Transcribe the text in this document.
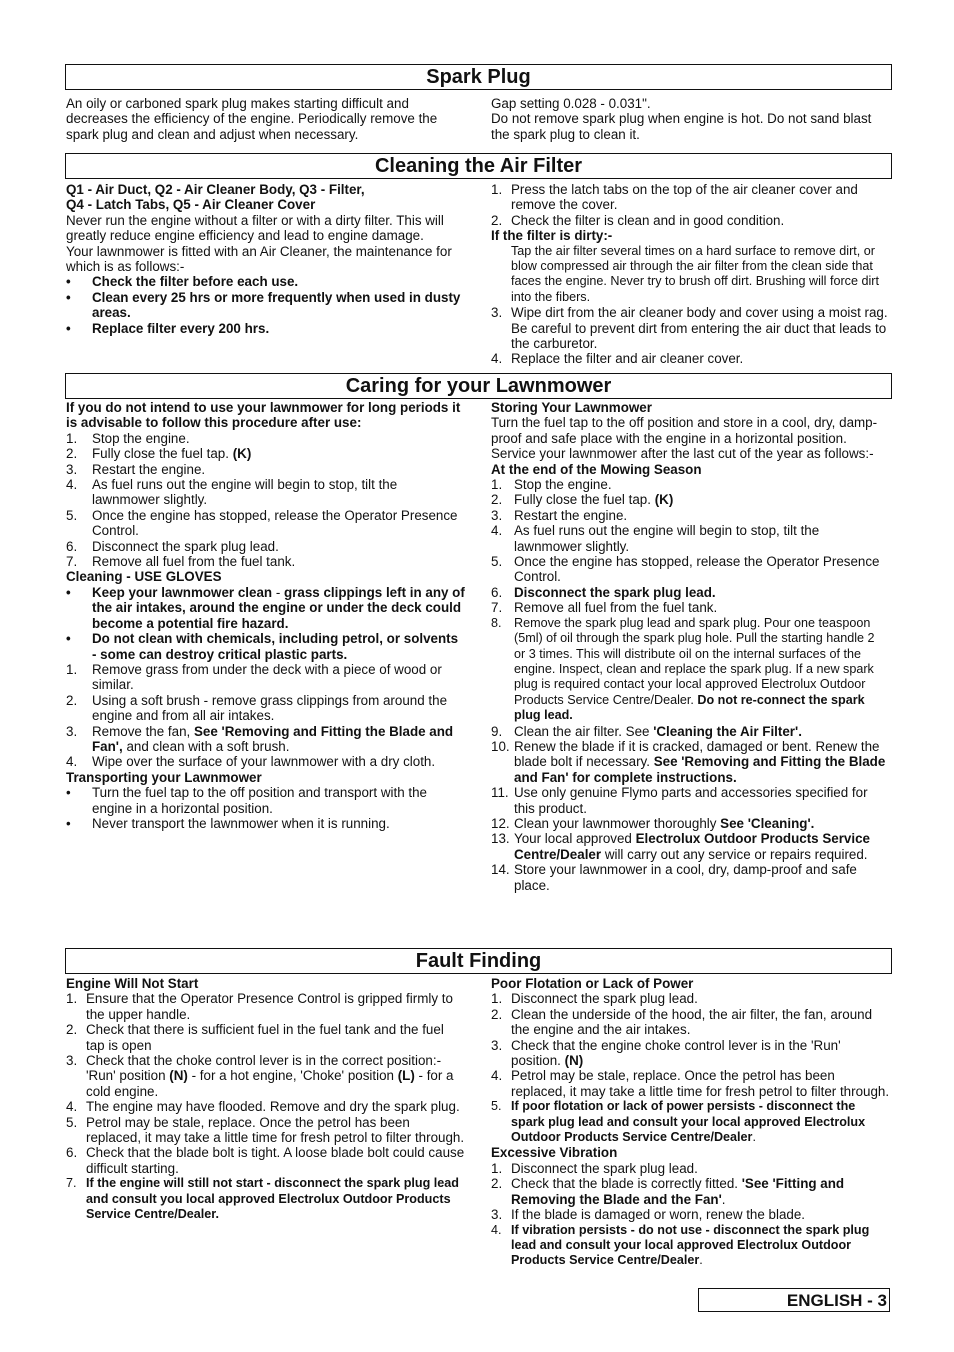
Spark Plug

An oily or carboned spark plug makes starting difficult and decreases the efficiency of the engine. Periodically remove the spark plug and clean and adjust when necessary.

Gap setting 0.028 - 0.031".

Do not remove spark plug when engine is hot. Do not sand blast the spark plug to clean it.

Cleaning the Air Filter

Q1 - Air Duct, Q2 - Air Cleaner Body, Q3 - Filter,

Q4 - Latch Tabs, Q5 - Air Cleaner Cover

Never run the engine without a filter or with a dirty filter. This will greatly reduce engine efficiency and lead to engine damage.

Your lawnmower is fitted with an Air Cleaner, the maintenance for which is as follows:-

• Check the filter before each use.
• Clean every 25 hrs or more frequently when used in dusty areas.
• Replace filter every 200 hrs.
1. Press the latch tabs on the top of the air cleaner cover and remove the cover.
2. Check the filter is clean and in good condition.

If the filter is dirty:-

Tap the air filter several times on a hard surface to remove dirt, or blow compressed air through the air filter from the clean side that faces the engine. Never try to brush off dirt. Brushing will force dirt into the fibers.

3. Wipe dirt from the air cleaner body and cover using a moist rag. Be careful to prevent dirt from entering the air duct that leads to the carburetor.
4. Replace the filter and air cleaner cover.
Caring for your Lawnmower

If you do not intend to use your lawnmower for long periods it is advisable to follow this procedure after use:

1. Stop the engine.
2. Fully close the fuel tap. (K)
3. Restart the engine.
4. As fuel runs out the engine will begin to stop, tilt the lawnmower slightly.
5. Once the engine has stopped, release the Operator Presence Control.
6. Disconnect the spark plug lead.
7. Remove all fuel from the fuel tank.

Cleaning - USE GLOVES

• Keep your lawnmower clean - grass clippings left in any of the air intakes, around the engine or under the deck could become a potential fire hazard.
• Do not clean with chemicals, including petrol, or solvents - some can destroy critical plastic parts.
1. Remove grass from under the deck with a piece of wood or similar.
2. Using a soft brush - remove grass clippings from around the engine and from all air intakes.
3. Remove the fan, See 'Removing and Fitting the Blade and Fan', and clean with a soft brush.
4. Wipe over the surface of your lawnmower with a dry cloth.

Transporting your Lawnmower

• Turn the fuel tap to the off position and transport with the engine in a horizontal position.
• Never transport the lawnmower when it is running.

Storing Your Lawnmower

Turn the fuel tap to the off position and store in a cool, dry, damp-proof and safe place with the engine in a horizontal position. Service your lawnmower after the last cut of the year as follows:-

At the end of the Mowing Season

1. Stop the engine.
2. Fully close the fuel tap. (K)
3. Restart the engine.
4. As fuel runs out the engine will begin to stop, tilt the lawnmower slightly.
5. Once the engine has stopped, release the Operator Presence Control.
6. Disconnect the spark plug lead.
7. Remove all fuel from the fuel tank.
8. Remove the spark plug lead and spark plug. Pour one teaspoon (5ml) of oil through the spark plug hole. Pull the starting handle 2 or 3 times. This will distribute oil on the internal surfaces of the engine. Inspect, clean and replace the spark plug. If a new spark plug is required contact your local approved Electrolux Outdoor Products Service Centre/Dealer. Do not re-connect the spark plug lead.
9. Clean the air filter. See 'Cleaning the Air Filter'.
10. Renew the blade if it is cracked, damaged or bent. Renew the blade bolt if necessary. See 'Removing and Fitting the Blade and Fan' for complete instructions.
11. Use only genuine Flymo parts and accessories specified for this product.
12. Clean your lawnmower thoroughly See 'Cleaning'.
13. Your local approved Electrolux Outdoor Products Service Centre/Dealer will carry out any service or repairs required.
14. Store your lawnmower in a cool, dry, damp-proof and safe place.
Fault Finding

Engine Will Not Start

1. Ensure that the Operator Presence Control is gripped firmly to the upper handle.
2. Check that there is sufficient fuel in the fuel tank and the fuel tap is open
3. Check that the choke control lever is in the correct position:- 'Run' position (N) - for a hot engine, 'Choke' position (L) - for a cold engine.
4. The engine may have flooded. Remove and dry the spark plug.
5. Petrol may be stale, replace. Once the petrol has been replaced, it may take a little time for fresh petrol to filter through.
6. Check that the blade bolt is tight. A loose blade bolt could cause difficult starting.
7. If the engine will still not start - disconnect the spark plug lead and consult you local approved Electrolux Outdoor Products Service Centre/Dealer.

Poor Flotation or Lack of Power

1. Disconnect the spark plug lead.
2. Clean the underside of the hood, the air filter, the fan, around the engine and the air intakes.
3. Check that the engine choke control lever is in the 'Run' position. (N)
4. Petrol may be stale, replace. Once the petrol has been replaced, it may take a little time for fresh petrol to filter through.
5. If poor flotation or lack of power persists - disconnect the spark plug lead and consult your local approved Electrolux Outdoor Products Service Centre/Dealer.

Excessive Vibration

1. Disconnect the spark plug lead.
2. Check that the blade is correctly fitted. 'See 'Fitting and Removing the Blade and the Fan'.
3. If the blade is damaged or worn, renew the blade.
4. If vibration persists - do not use - disconnect the spark plug lead and consult your local approved Electrolux Outdoor Products Service Centre/Dealer.
ENGLISH - 3
